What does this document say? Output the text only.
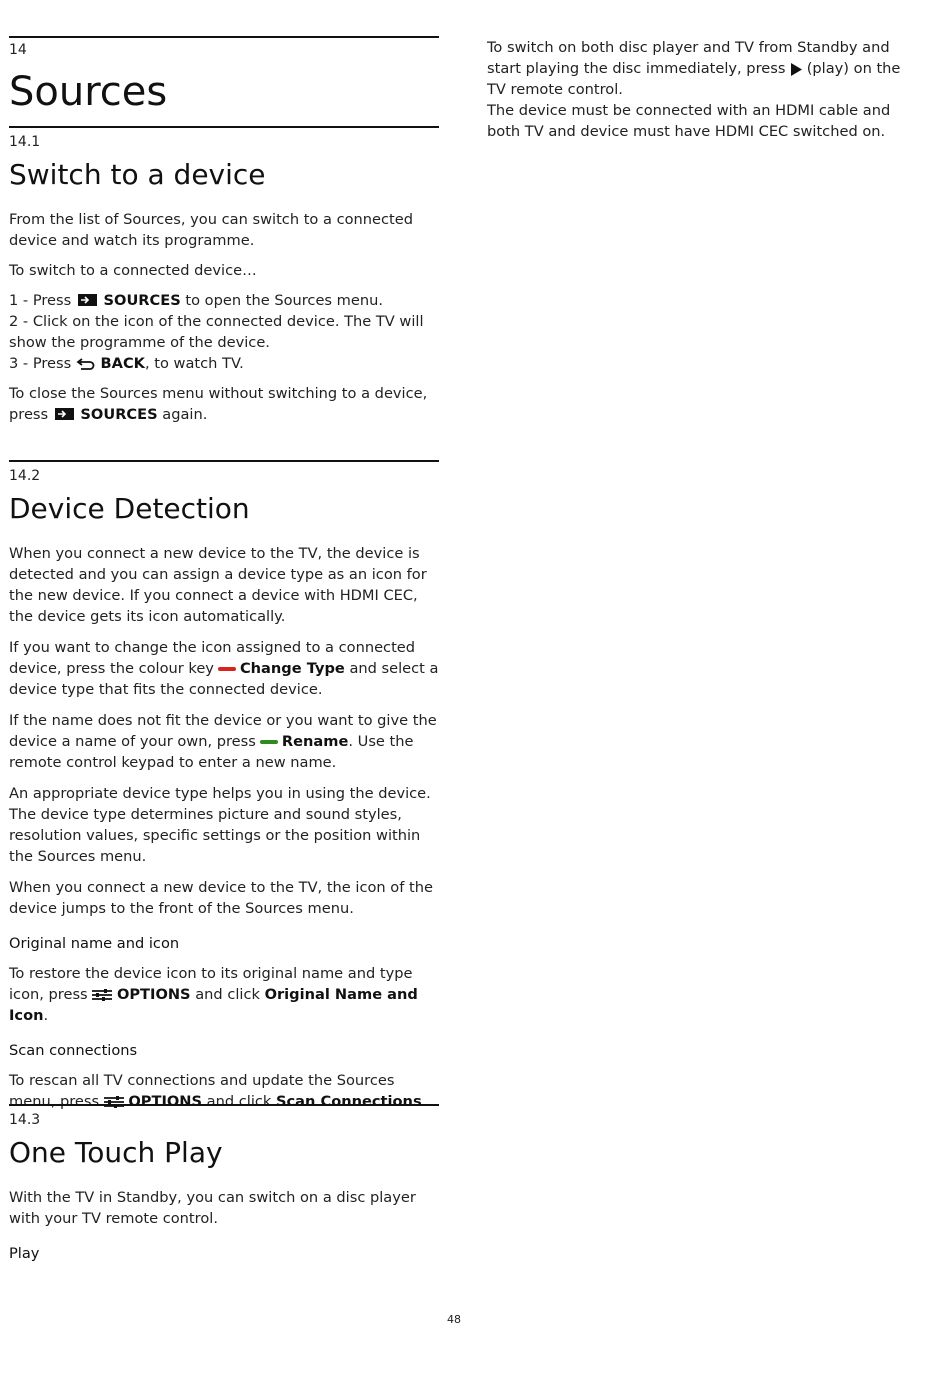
14
Sources
14.1
Switch to a device

From the list of Sources, you can switch to a connected device and watch its programme.

To switch to a connected device…

1 - Press SOURCES to open the Sources menu.

2 - Click on the icon of the connected device. The TV will show the programme of the device.

3 - Press BACK, to watch TV.

To close the Sources menu without switching to a device, press SOURCES again.

14.2
Device Detection

When you connect a new device to the TV, the device is detected and you can assign a device type as an icon for the new device. If you connect a device with HDMI CEC, the device gets its icon automatically.

If you want to change the icon assigned to a connected device, press the colour key Change Type and select a device type that fits the connected device.

If the name does not fit the device or you want to give the device a name of your own, press Rename. Use the remote control keypad to enter a new name.

An appropriate device type helps you in using the device. The device type determines picture and sound styles, resolution values, specific settings or the position within the Sources menu.

When you connect a new device to the TV, the icon of the device jumps to the front of the Sources menu.

Original name and icon

To restore the device icon to its original name and type icon, press OPTIONS and click Original Name and Icon.

Scan connections

To rescan all TV connections and update the Sources menu, press OPTIONS and click Scan Connections.

14.3
One Touch Play

With the TV in Standby, you can switch on a disc player with your TV remote control.

Play

To switch on both disc player and TV from Standby and start playing the disc immediately, press (play) on the TV remote control.

The device must be connected with an HDMI cable and both TV and device must have HDMI CEC switched on.

48
